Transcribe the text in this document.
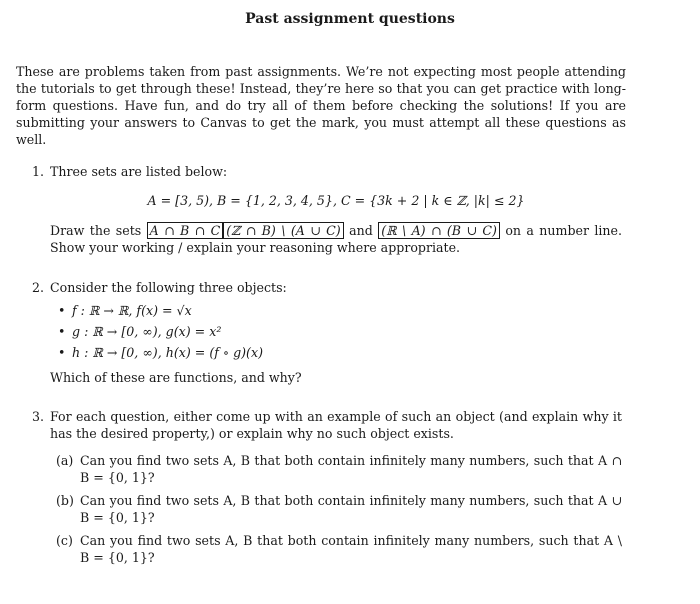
Past assignment questions
These are problems taken from past assignments. We’re not expecting most people attending the tutorials to get through these! Instead, they’re here so that you can get practice with long-form questions. Have fun, and do try all of them before checking the solutions! If you are submitting your answers to Canvas to get the mark, you must attempt all these questions as well.
1. Three sets are listed below:
A = [3, 5), B = {1, 2, 3, 4, 5}, C = {3k + 2 | k ∈ ℤ, |k| ≤ 2}
Draw the sets A ∩ B ∩ C (ℤ ∩ B) \ (A ∪ C) and (ℝ \ A) ∩ (B ∪ C) on a number line. Show your working / explain your reasoning where appropriate.
2. Consider the following three objects:
• f : ℝ → ℝ, f(x) = √x
• g : ℝ → [0, ∞), g(x) = x²
• h : ℝ → [0, ∞), h(x) = (f ∘ g)(x)
Which of these are functions, and why?
3. For each question, either come up with an example of such an object (and explain why it has the desired property,) or explain why no such object exists.
(a) Can you find two sets A, B that both contain infinitely many numbers, such that A ∩ B = {0, 1}?
(b) Can you find two sets A, B that both contain infinitely many numbers, such that A ∪ B = {0, 1}?
(c) Can you find two sets A, B that both contain infinitely many numbers, such that A \ B = {0, 1}?
